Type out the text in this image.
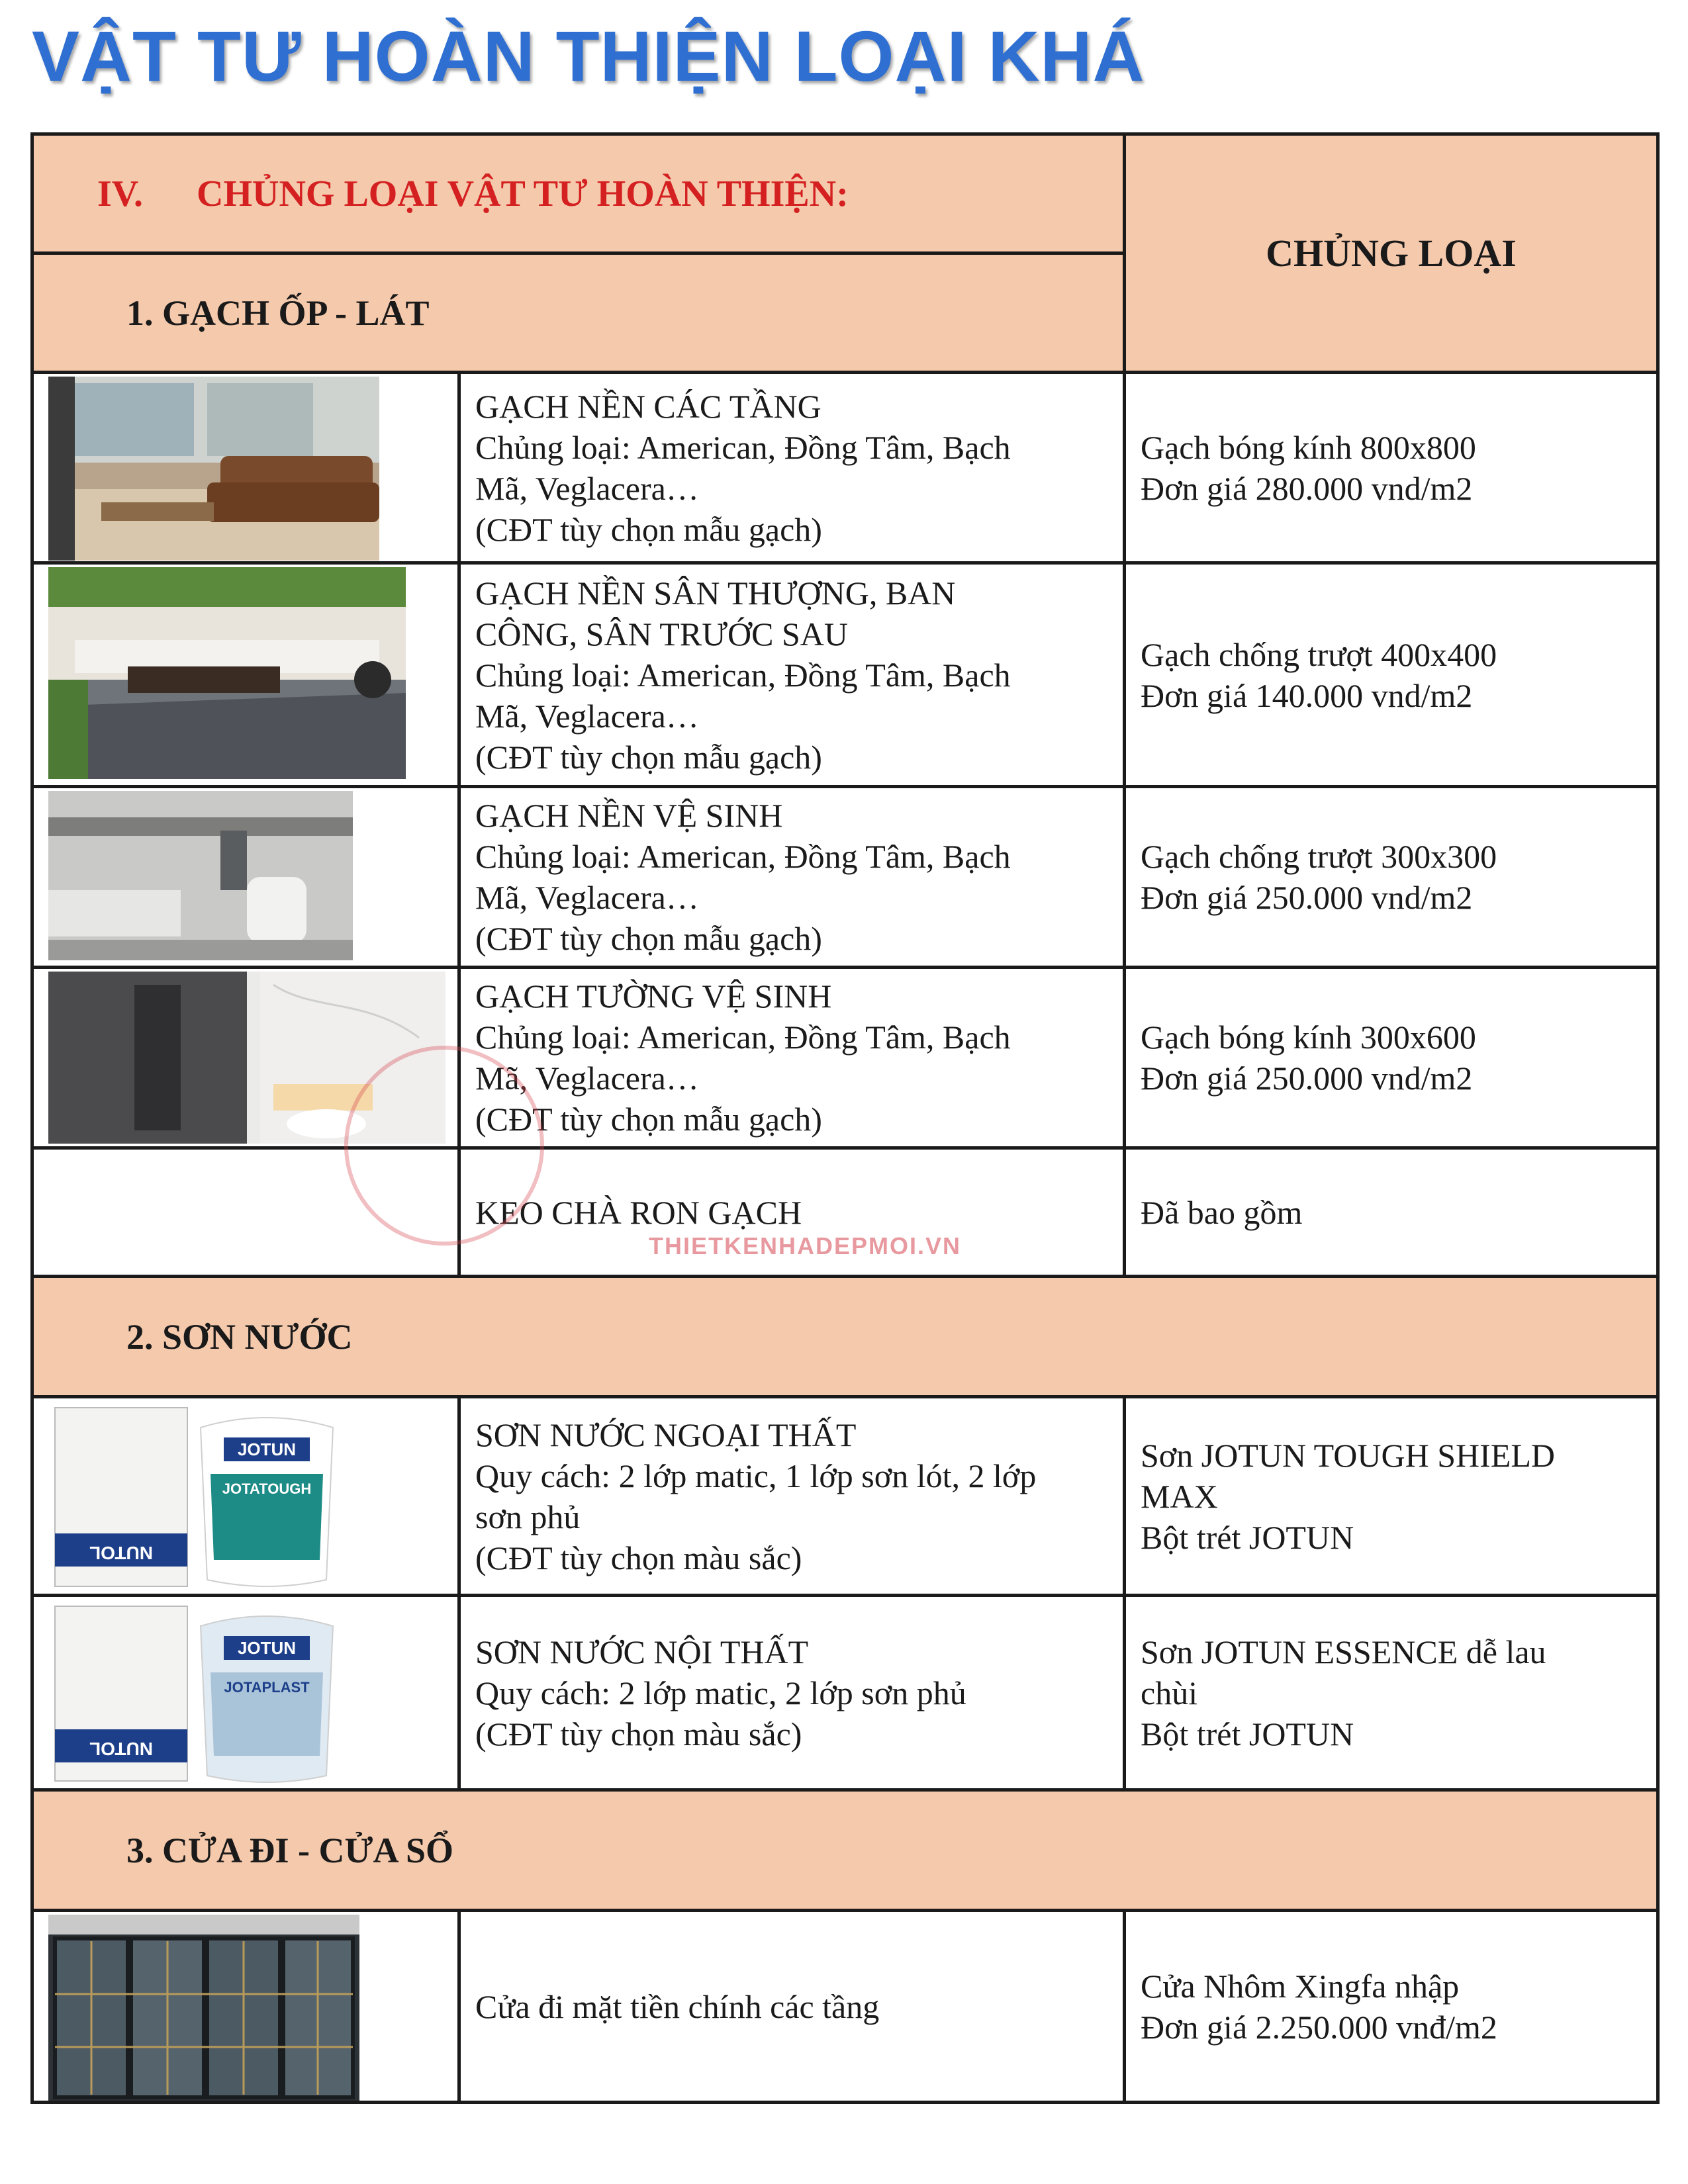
VẬT TƯ HOÀN THIỆN LOẠI KHÁ
IV. CHỦNG LOẠI VẬT TƯ HOÀN THIỆN:		CHỦNG LOẠI
1. GẠCH ỐP - LÁT		

GẠCH NỀN CÁC TẦNG
Chủng loại: American, Đồng Tâm, Bạch
Mã, Veglacera…
(CĐT tùy chọn mẫu gạch)	Gạch bóng kính 800x800
Đơn giá 280.000 vnd/m2

GẠCH NỀN SÂN THƯỢNG, BAN
CÔNG, SÂN TRƯỚC SAU
Chủng loại: American, Đồng Tâm, Bạch
Mã, Veglacera…
(CĐT tùy chọn mẫu gạch)	Gạch chống trượt 400x400
Đơn giá 140.000 vnd/m2

GẠCH NỀN VỆ SINH
Chủng loại: American, Đồng Tâm, Bạch
Mã, Veglacera…
(CĐT tùy chọn mẫu gạch)	Gạch chống trượt 300x300
Đơn giá 250.000 vnd/m2

GẠCH TƯỜNG VỆ SINH
Chủng loại: American, Đồng Tâm, Bạch
Mã, Veglacera…
(CĐT tùy chọn mẫu gạch)	Gạch bóng kính 300x600
Đơn giá 250.000 vnd/m2

	KEO CHÀ RON GẠCH	Đã bao gồm

2. SƠN NƯỚC		

NUTOL
JOTUN
JOTATOUGH	SƠN NƯỚC NGOẠI THẤT
Quy cách: 2 lớp matic, 1 lớp sơn lót, 2 lớp
sơn phủ
(CĐT tùy chọn màu sắc)	Sơn JOTUN TOUGH SHIELD
MAX
Bột trét JOTUN

NUTOL
JOTUN
JOTAPLAST	SƠN NƯỚC NỘI THẤT
Quy cách: 2 lớp matic, 2 lớp sơn phủ
(CĐT tùy chọn màu sắc)	Sơn JOTUN ESSENCE dễ lau
chùi
Bột trét JOTUN

3. CỬA ĐI - CỬA SỔ		

Cửa đi mặt tiền chính các tầng	Cửa Nhôm Xingfa nhập
Đơn giá 2.250.000 vnđ/m2
THIETKENHADEPMOI.VN
